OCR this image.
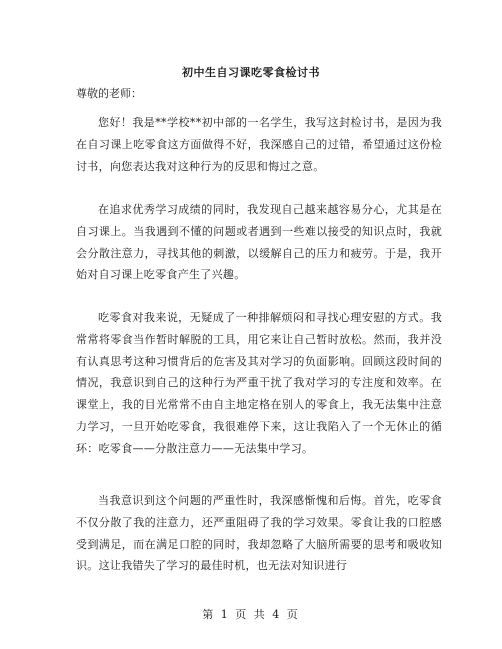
初中生自习课吃零食检讨书
尊敬的老师：

您好！我是**学校**初中部的一名学生，我写这封检讨书，是因为我在自习课上吃零食这方面做得不好，我深感自己的过错，希望通过这份检讨书，向您表达我对这种行为的反思和悔过之意。

在追求优秀学习成绩的同时，我发现自己越来越容易分心，尤其是在自习课上。当我遇到不懂的问题或者遇到一些难以接受的知识点时，我就会分散注意力，寻找其他的刺激，以缓解自己的压力和疲劳。于是，我开始对自习课上吃零食产生了兴趣。

吃零食对我来说，无疑成了一种排解烦闷和寻找心理安慰的方式。我常常将零食当作暂时解脱的工具，用它来让自己暂时放松。然而，我并没有认真思考这种习惯背后的危害及其对学习的负面影响。回顾这段时间的情况，我意识到自己的这种行为严重干扰了我对学习的专注度和效率。在课堂上，我的目光常常不由自主地定格在别人的零食上，我无法集中注意力学习，一旦开始吃零食，我很难停下来，这让我陷入了一个无休止的循环：吃零食——分散注意力——无法集中学习。

当我意识到这个问题的严重性时，我深感惭愧和后悔。首先，吃零食不仅分散了我的注意力，还严重阻碍了我的学习效果。零食让我的口腔感受到满足，而在满足口腔的同时，我却忽略了大脑所需要的思考和吸收知识。这让我错失了学习的最佳时机，也无法对知识进行

第 1 页 共 4 页
